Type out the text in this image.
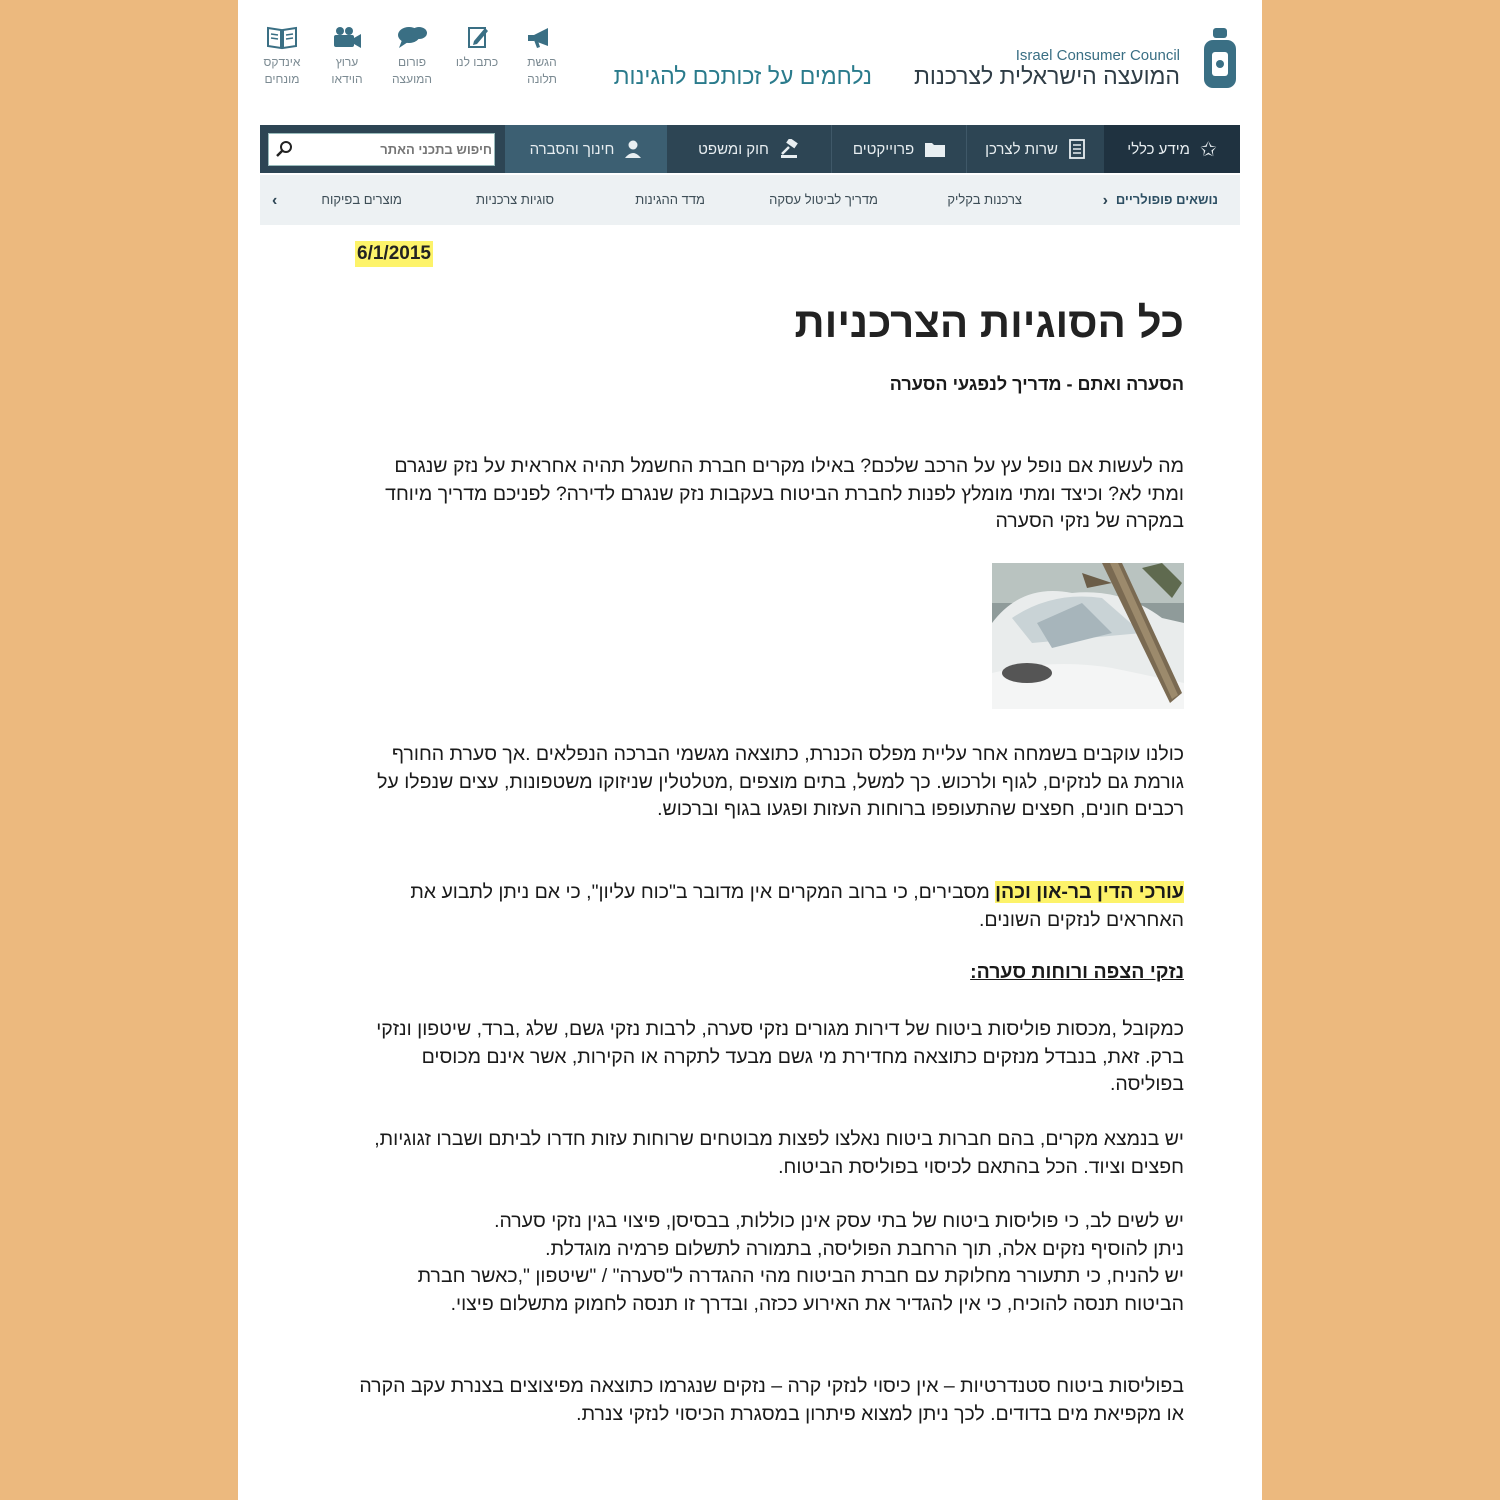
Israel Consumer Council
המועצה הישראלית לצרכנות
נלחמים על זכותכם להגינות
אינדקס
מונחים
ערוץ
הוידאו
פורום
המועצה
כתבו לנו	הגשת
תלונה
✩
מידע כללי
שרות לצרכן
פרוייקטים
חוק ומשפט
חינוך והסברה
חיפוש בתכני האתר
נושאים פופולריים
›
צרכנות בקליק
מדריך לביטול עסקה
מדד ההגינות
סוגיות צרכניות
מוצרים בפיקוח
‹
6/1/2015
כל הסוגיות הצרכניות
הסערה ואתם - מדריך לנפגעי הסערה

מה לעשות אם נופל עץ על הרכב שלכם? באילו מקרים חברת החשמל תהיה אחראית על נזק שנגרם ומתי לא? וכיצד ומתי מומלץ לפנות לחברת הביטוח בעקבות נזק שנגרם לדירה? לפניכם מדריך מיוחד במקרה של נזקי הסערה

כולנו עוקבים בשמחה אחר עליית מפלס הכנרת, כתוצאה מגשמי הברכה הנפלאים .אך סערת החורף גורמת גם לנזקים, לגוף ולרכוש. כך למשל, בתים מוצפים ,מטלטלין שניזוקו משטפונות, עצים שנפלו על רכבים חונים, חפצים שהתעופפו ברוחות העזות ופגעו בגוף וברכוש.

עורכי הדין בר-און וכהן מסבירים, כי ברוב המקרים אין מדובר ב"כוח עליון", כי אם ניתן לתבוע את האחראים לנזקים השונים.

נזקי הצפה ורוחות סערה:

כמקובל ,מכסות פוליסות ביטוח של דירות מגורים נזקי סערה, לרבות נזקי גשם, שלג ,ברד, שיטפון ונזקי ברק. זאת, בנבדל מנזקים כתוצאה מחדירת מי גשם מבעד לתקרה או הקירות, אשר אינם מכוסים בפוליסה.

יש בנמצא מקרים, בהם חברות ביטוח נאלצו לפצות מבוטחים שרוחות עזות חדרו לביתם ושברו זגוגיות, חפצים וציוד. הכל בהתאם לכיסוי בפוליסת הביטוח.

יש לשים לב, כי פוליסות ביטוח של בתי עסק אינן כוללות, בבסיסן, פיצוי בגין נזקי סערה.
ניתן להוסיף נזקים אלה, תוך הרחבת הפוליסה, בתמורה לתשלום פרמיה מוגדלת.
יש להניח, כי תתעורר מחלוקת עם חברת הביטוח מהי ההגדרה ל"סערה" / "שיטפון ",כאשר חברת הביטוח תנסה להוכיח, כי אין להגדיר את האירוע ככזה, ובדרך זו תנסה לחמוק מתשלום פיצוי.

בפוליסות ביטוח סטנדרטיות – אין כיסוי לנזקי קרה – נזקים שנגרמו כתוצאה מפיצוצים בצנרת עקב הקרה או מקפיאת מים בדודים. לכך ניתן למצוא פיתרון במסגרת הכיסוי לנזקי צנרת.
